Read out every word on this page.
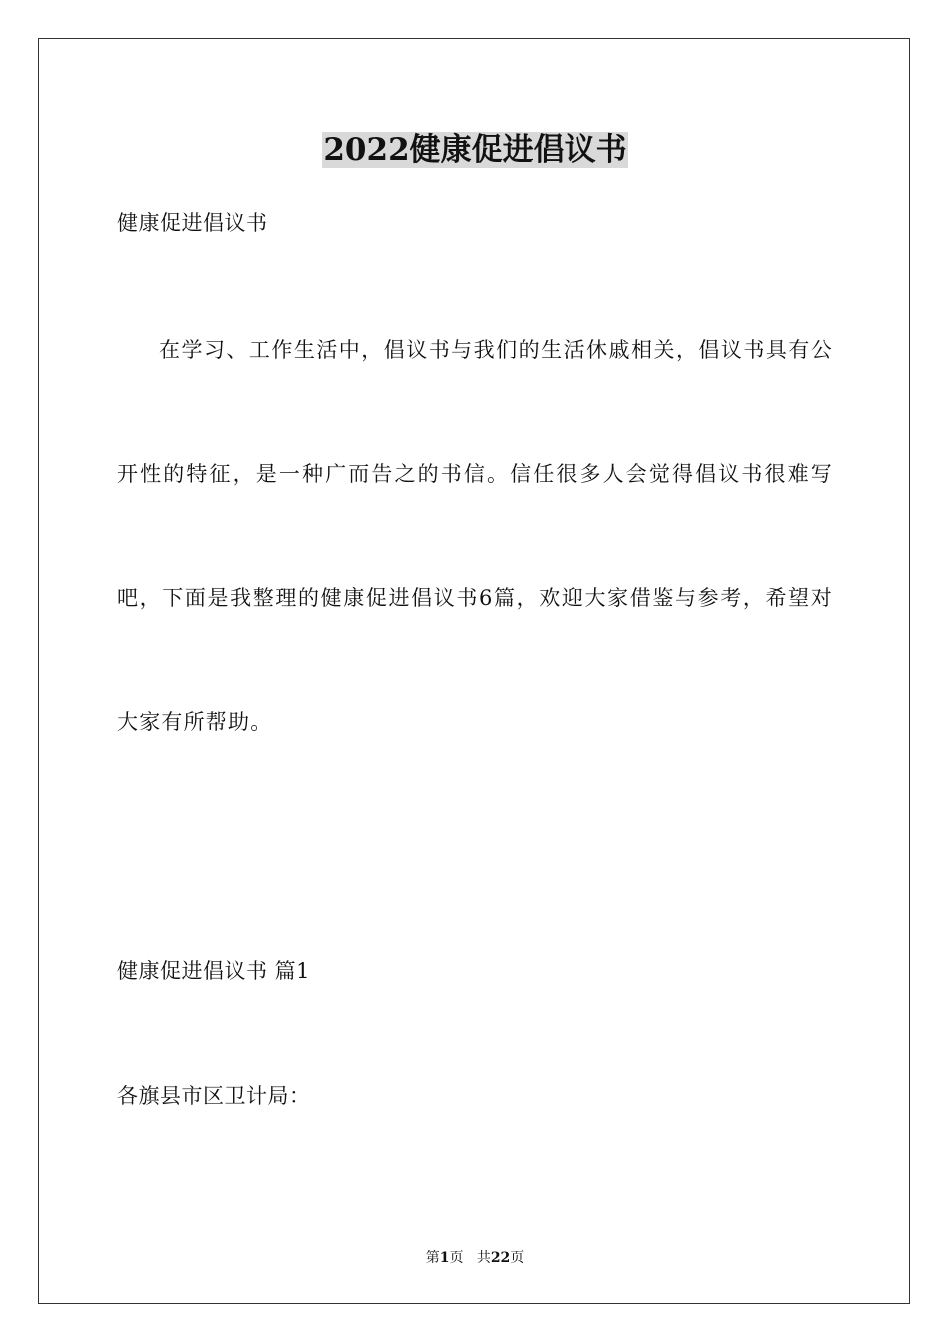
2022健康促进倡议书
健康促进倡议书

在学习、工作生活中，倡议书与我们的生活休戚相关，倡议书具有公开性的特征，是一种广而告之的书信。信任很多人会觉得倡议书很难写吧，下面是我整理的健康促进倡议书6篇，欢迎大家借鉴与参考，希望对大家有所帮助。

健康促进倡议书 篇1
各旗县市区卫计局：
第1页 共22页
